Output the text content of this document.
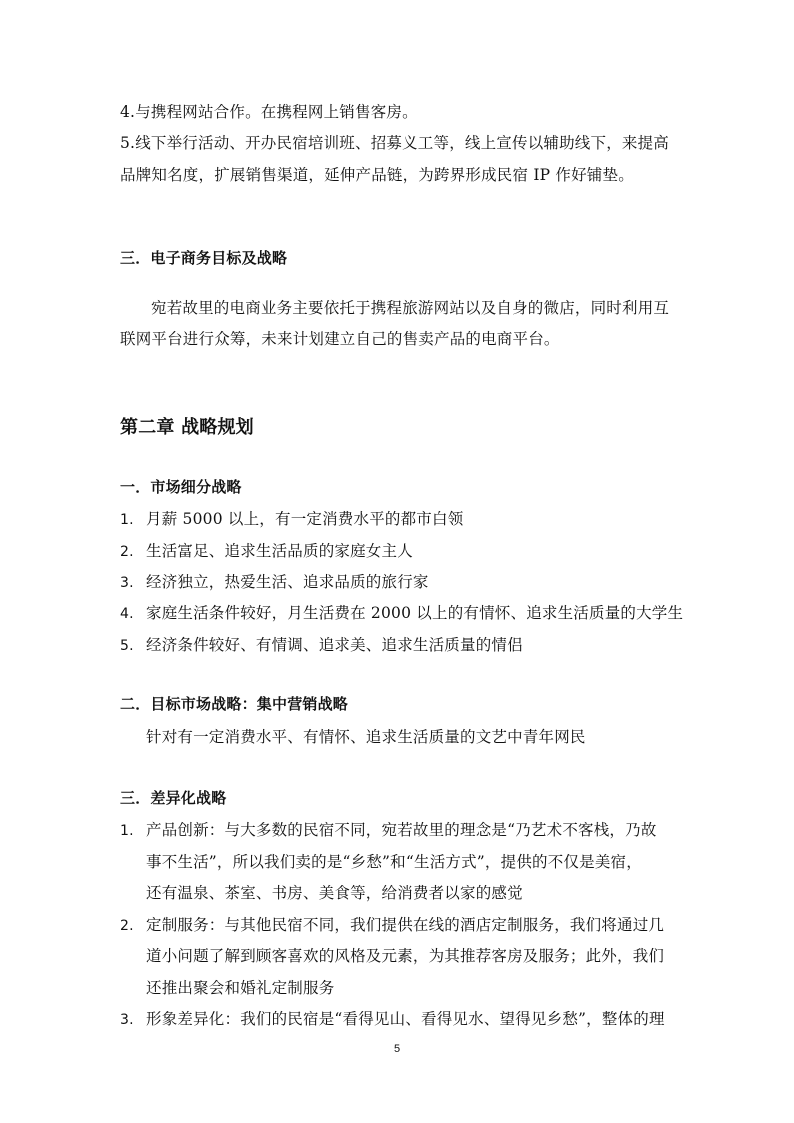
4.与携程网站合作。在携程网上销售客房。
5.线下举行活动、开办民宿培训班、招募义工等，线上宣传以辅助线下，来提高
品牌知名度，扩展销售渠道，延伸产品链，为跨界形成民宿 IP 作好铺垫。
三．电子商务目标及战略
宛若故里的电商业务主要依托于携程旅游网站以及自身的微店，同时利用互
联网平台进行众筹，未来计划建立自己的售卖产品的电商平台。
第二章 战略规划
一．市场细分战略
1. 月薪 5000 以上，有一定消费水平的都市白领
2. 生活富足、追求生活品质的家庭女主人
3. 经济独立，热爱生活、追求品质的旅行家
4. 家庭生活条件较好，月生活费在 2000 以上的有情怀、追求生活质量的大学生
5. 经济条件较好、有情调、追求美、追求生活质量的情侣
二．目标市场战略：集中营销战略
针对有一定消费水平、有情怀、追求生活质量的文艺中青年网民
三．差异化战略
1. 产品创新：与大多数的民宿不同，宛若故里的理念是“乃艺术不客栈，乃故
事不生活”，所以我们卖的是“乡愁”和“生活方式”，提供的不仅是美宿，
还有温泉、茶室、书房、美食等，给消费者以家的感觉
2. 定制服务：与其他民宿不同，我们提供在线的酒店定制服务，我们将通过几
道小问题了解到顾客喜欢的风格及元素，为其推荐客房及服务；此外，我们
还推出聚会和婚礼定制服务
3. 形象差异化：我们的民宿是“看得见山、看得见水、望得见乡愁”，整体的理
5
